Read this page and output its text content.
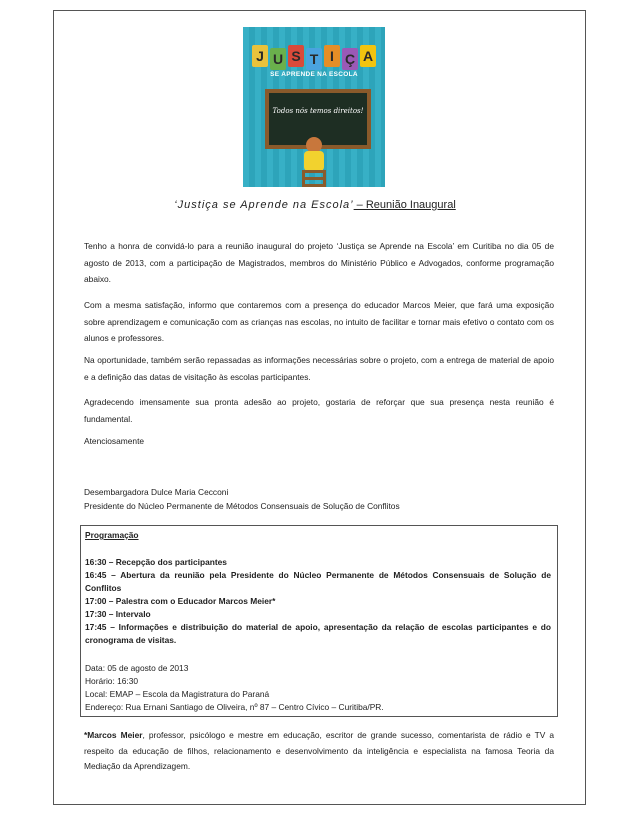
J U S T I Ç A
SE APRENDE NA ESCOLA
Todos nós temos direitos!
‘Justiça se Aprende na Escola’ – Reunião Inaugural

Tenho a honra de convidá-lo para a reunião inaugural do projeto ‘Justiça se Aprende na Escola’ em Curitiba no dia 05 de agosto de 2013, com a participação de Magistrados, membros do Ministério Público e Advogados, conforme programação abaixo.

Com a mesma satisfação, informo que contaremos com a presença do educador Marcos Meier, que fará uma exposição sobre aprendizagem e comunicação com as crianças nas escolas, no intuito de facilitar e tornar mais efetivo o contato com os alunos e professores.

Na oportunidade, também serão repassadas as informações necessárias sobre o projeto, com a entrega de material de apoio e a definição das datas de visitação às escolas participantes.

Agradecendo imensamente sua pronta adesão ao projeto, gostaria de reforçar que sua presença nesta reunião é fundamental.

Atenciosamente

Desembargadora Dulce Maria Cecconi

Presidente do Núcleo Permanente de Métodos Consensuais de Solução de Conflitos

Programação
16:30 – Recepção dos participantes
16:45 – Abertura da reunião pela Presidente do Núcleo Permanente de Métodos Consensuais de Solução de Conflitos
17:00 – Palestra com o Educador Marcos Meier*
17:30 – Intervalo
17:45 – Informações e distribuição do material de apoio, apresentação da relação de escolas participantes e do cronograma de visitas.
Data: 05 de agosto de 2013
Horário: 16:30
Local: EMAP – Escola da Magistratura do Paraná
Endereço: Rua Ernani Santiago de Oliveira, nº 87 – Centro Cívico – Curitiba/PR.
*Marcos Meier, professor, psicólogo e mestre em educação, escritor de grande sucesso, comentarista de rádio e TV a respeito da educação de filhos, relacionamento e desenvolvimento da inteligência e especialista na famosa Teoria da Mediação da Aprendizagem.
